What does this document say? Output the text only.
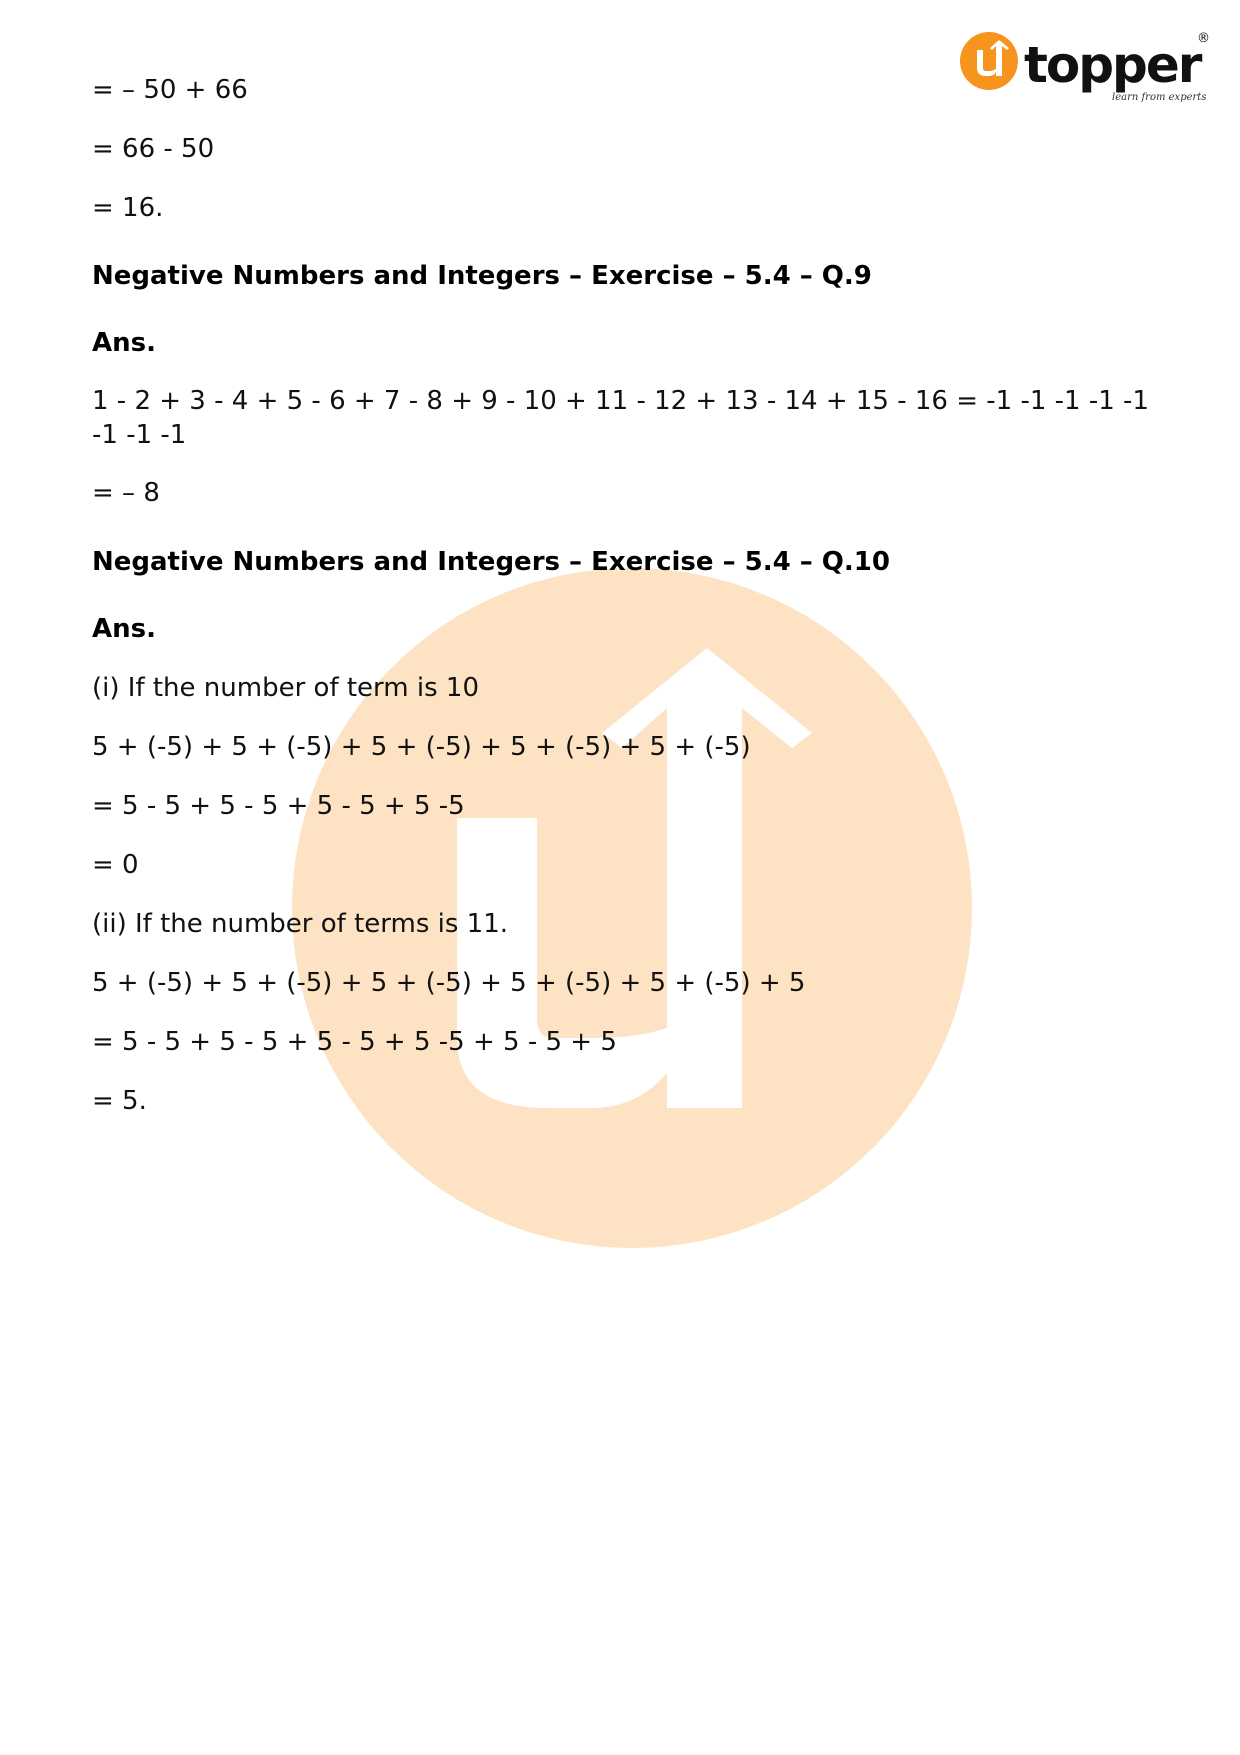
topper
®
learn from experts
= – 50 + 66
= 66 - 50
= 16.
Negative Numbers and Integers – Exercise – 5.4 – Q.9
Ans.
1 - 2 + 3 - 4 + 5 - 6 + 7 - 8 + 9 - 10 + 11 - 12 + 13 - 14 + 15 - 16 = -1 -1 -1 -1 -1 -1 -1 -1
= – 8
Negative Numbers and Integers – Exercise – 5.4 – Q.10
Ans.
(i) If the number of term is 10
5 + (-5) + 5 + (-5) + 5 + (-5) + 5 + (-5) + 5 + (-5)
= 5 - 5 + 5 - 5 + 5 - 5 + 5 -5
= 0
(ii) If the number of terms is 11.
5 + (-5) + 5 + (-5) + 5 + (-5) + 5 + (-5) + 5 + (-5) + 5
= 5 - 5 + 5 - 5 + 5 - 5 + 5 -5 + 5 - 5 + 5
= 5.
